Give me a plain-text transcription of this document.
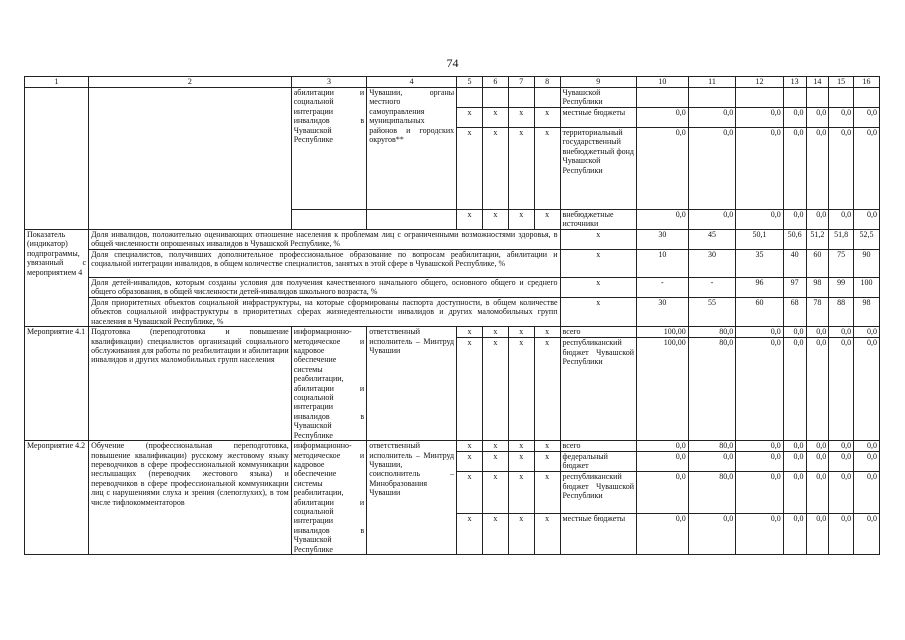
74
1	2	3	4	5	6	7	8	9	10	11	12	13	14	15	16
		абилитации и социальной интеграции инвалидов в Чувашской Республике	Чувашии, органы местного самоуправления муниципальных районов и городских округов**					Чувашской Республики							
				x	x	x	x	местные бюджеты	0,0	0,0	0,0	0,0	0,0	0,0	0,0
				x	x	x	x	территориальный государственный внебюджетный фонд Чувашской Республики	0,0	0,0	0,0	0,0	0,0	0,0	0,0
				x	x	x	x	внебюджетные источники	0,0	0,0	0,0	0,0	0,0	0,0	0,0
Показатель (индикатор) подпрограммы, увязанный с мероприятием 4	Доля инвалидов, положительно оценивающих отношение населения к проблемам лиц с ограниченными возможностями здоровья, в общей численности опрошенных инвалидов в Чувашской Республике, %							x	30	45	50,1	50,6	51,2	51,8	52,5
	Доля специалистов, получивших дополнительное профессиональное образование по вопросам реабилитации, абилитации и социальной интеграции инвалидов, в общем количестве специалистов, занятых в этой сфере в Чувашской Республике, %							x	10	30	35	40	60	75	90
	Доля детей-инвалидов, которым созданы условия для получения качественного начального общего, основного общего и среднего общего образования, в общей численности детей-инвалидов школьного возраста, %							x	-	-	96	97	98	99	100
	Доля приоритетных объектов социальной инфраструктуры, на которые сформированы паспорта доступности, в общем количестве объектов социальной инфраструктуры в приоритетных сферах жизнедеятельности инвалидов и других маломобильных групп населения в Чувашской Республике, %							x	30	55	60	68	78	88	98
Мероприятие 4.1	Подготовка (переподготовка и повышение квалификации) специалистов организаций социального обслуживания для работы по реабилитации и абилитации инвалидов и других маломобильных групп населения	информационно-методическое и кадровое обеспечение системы реабилитации, абилитации и социальной интеграции инвалидов в Чувашской Республике	ответственный исполнитель – Минтруд Чувашии	x	x	x	x	всего	100,00	80,0	0,0	0,0	0,0	0,0	0,0
				x	x	x	x	республиканский бюджет Чувашской Республики	100,00	80,0	0,0	0,0	0,0	0,0	0,0
Мероприятие 4.2	Обучение (профессиональная переподготовка, повышение квалификации) русскому жестовому языку переводчиков в сфере профессиональной коммуникации неслышащих (переводчик жестового языка) и переводчиков в сфере профессиональной коммуникации лиц с нарушениями слуха и зрения (слепоглухих), в том числе тифлокомментаторов	информационно-методическое и кадровое обеспечение системы реабилитации, абилитации и социальной интеграции инвалидов в Чувашской Республике	ответственный исполнитель – Минтруд Чувашии, соисполнитель – Минобразования Чувашии	x	x	x	x	всего	0,0	80,0	0,0	0,0	0,0	0,0	0,0
				x	x	x	x	федеральный бюджет	0,0	0,0	0,0	0,0	0,0	0,0	0,0
				x	x	x	x	республиканский бюджет Чувашской Республики	0,0	80,0	0,0	0,0	0,0	0,0	0,0
				x	x	x	x	местные бюджеты	0,0	0,0	0,0	0,0	0,0	0,0	0,0
